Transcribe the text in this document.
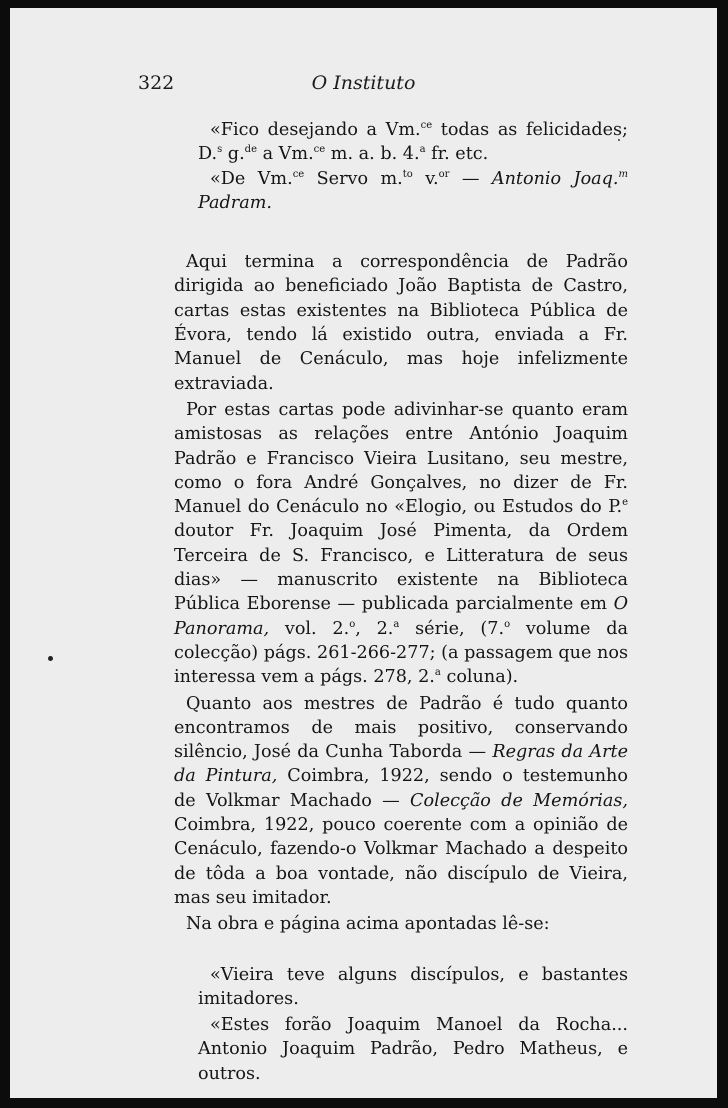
322	O Instituto

«Fico desejando a Vm.$^{ce}$ todas as felicidades; D.$^s$ g.$^{de}$ a Vm.$^{ce}$ m. a. b. 4.$^a$ fr. etc.

«De Vm.$^{ce}$ Servo m.$^{to}$ v.$^{or}$ — Antonio Joaq.$^m$ Padram.

Aqui termina a correspondência de Padrão dirigida ao beneficiado João Baptista de Castro, cartas estas existentes na Biblioteca Pública de Évora, tendo lá existido outra, enviada a Fr. Manuel de Cenáculo, mas hoje infelizmente extraviada.

Por estas cartas pode adivinhar-se quanto eram amistosas as relações entre António Joaquim Padrão e Francisco Vieira Lusitano, seu mestre, como o fora André Gonçalves, no dizer de Fr. Manuel do Cenáculo no «Elogio, ou Estudos do P.$^e$ doutor Fr. Joaquim José Pimenta, da Ordem Terceira de S. Francisco, e Litteratura de seus dias» — manuscrito existente na Biblioteca Pública Eborense — publicada parcialmente em O Panorama, vol. 2.$^o$, 2.$^a$ série, (7.$^o$ volume da colecção) págs. 261-266-277; (a passagem que nos interessa vem a págs. 278, 2.$^a$ coluna).

Quanto aos mestres de Padrão é tudo quanto encontramos de mais positivo, conservando silêncio, José da Cunha Taborda — Regras da Arte da Pintura, Coimbra, 1922, sendo o testemunho de Volkmar Machado — Colecção de Memórias, Coimbra, 1922, pouco coerente com a opinião de Cenáculo, fazendo-o Volkmar Machado a despeito de tôda a boa vontade, não discípulo de Vieira, mas seu imitador.

Na obra e página acima apontadas lê-se:

«Vieira teve alguns discípulos, e bastantes imitadores.

«Estes forão Joaquim Manoel da Rocha... Antonio Joaquim Padrão, Pedro Matheus, e outros.
